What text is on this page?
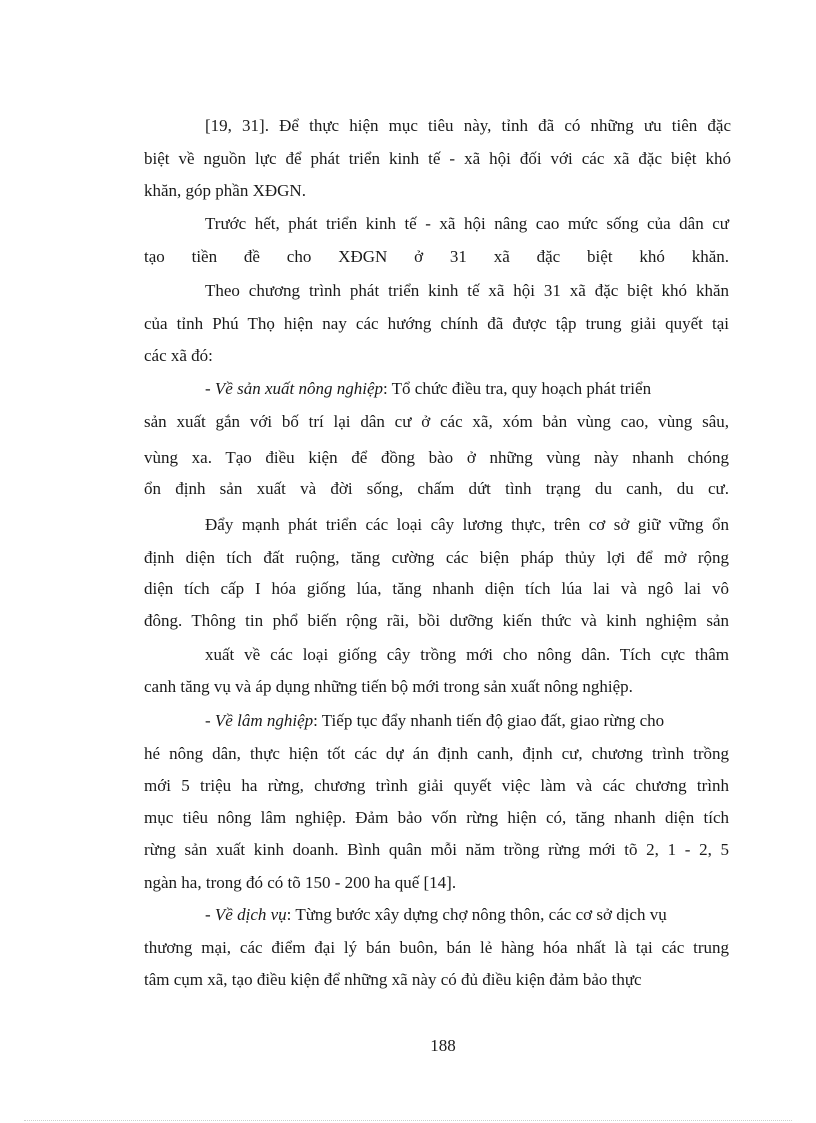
[19, 31]. Để thực hiện mục tiêu này, tỉnh đã có những ưu tiên đặc

biệt về nguồn lực để phát triển kinh tế - xã hội đối với các xã đặc biệt khó

khăn, góp phần XĐGN.

Trước hết, phát triển kinh tế - xã hội nâng cao mức sống của dân cư

tạo tiền đề cho XĐGN ở 31 xã đặc biệt khó khăn.

Theo chương trình phát triển kinh tế xã hội 31 xã đặc biệt khó khăn

của tỉnh Phú Thọ hiện nay các hướng chính đã được tập trung giải quyết tại

các xã đó:

- Về sản xuất nông nghiệp: Tổ chức điều tra, quy hoạch phát triển

sản xuất gắn với bố trí lại dân cư ở các xã, xóm bản vùng cao, vùng sâu,

vùng xa. Tạo điều kiện để đồng bào ở những vùng này nhanh chóng

ổn định sản xuất và đời sống, chấm dứt tình trạng du canh, du cư.

Đẩy mạnh phát triển các loại cây lương thực, trên cơ sở giữ vững ổn

định diện tích đất ruộng, tăng cường các biện pháp thủy lợi để mở rộng

diện tích cấp I hóa giống lúa, tăng nhanh diện tích lúa lai và ngô lai vô

đông. Thông tin phổ biến rộng rãi, bồi dưỡng kiến thức và kinh nghiệm sản

xuất về các loại giống cây trồng mới cho nông dân. Tích cực thâm

canh tăng vụ và áp dụng những tiến bộ mới trong sản xuất nông nghiệp.

- Về lâm nghiệp: Tiếp tục đẩy nhanh tiến độ giao đất, giao rừng cho

hé nông dân, thực hiện tốt các dự án định canh, định cư, chương trình trồng

mới 5 triệu ha rừng, chương trình giải quyết việc làm và các chương trình

mục tiêu nông lâm nghiệp. Đảm bảo vốn rừng hiện có, tăng nhanh diện tích

rừng sản xuất kinh doanh. Bình quân mỗi năm trồng rừng mới tõ 2, 1 - 2, 5

ngàn ha, trong đó có tõ 150 - 200 ha quế [14].

- Về dịch vụ: Từng bước xây dựng chợ nông thôn, các cơ sở dịch vụ

thương mại, các điểm đại lý bán buôn, bán lẻ hàng hóa nhất là tại các trung

tâm cụm xã, tạo điều kiện để những xã này có đủ điều kiện đảm bảo thực

188
